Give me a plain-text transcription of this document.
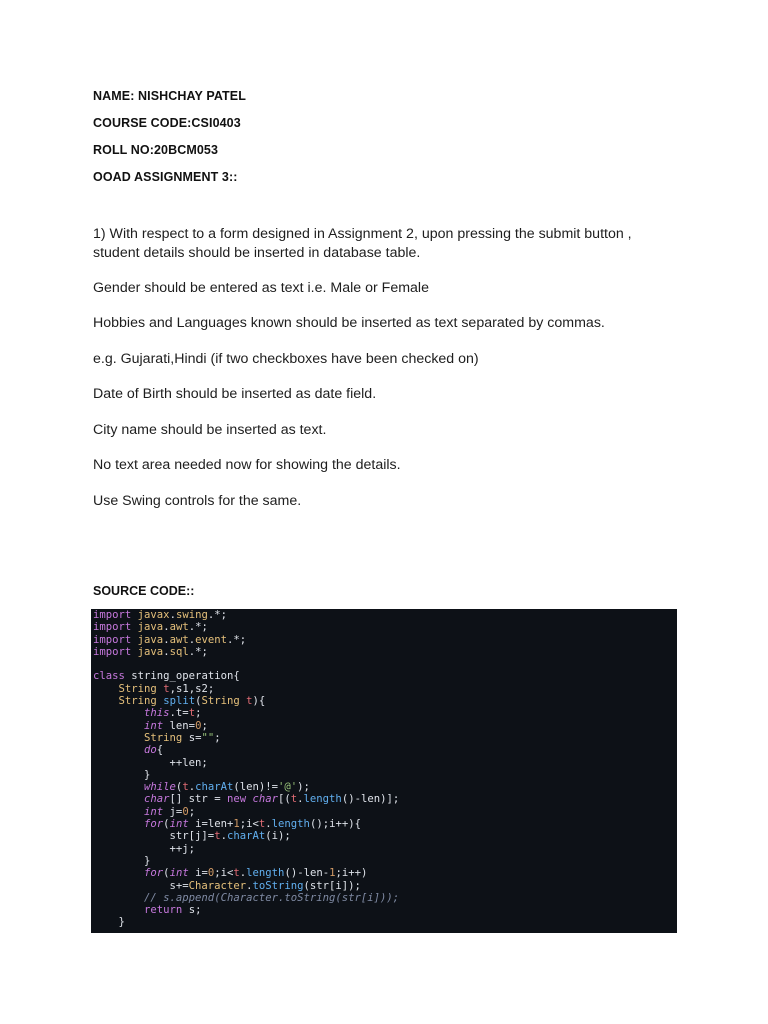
NAME: NISHCHAY PATEL
COURSE CODE:CSI0403
ROLL NO:20BCM053
OOAD ASSIGNMENT 3::
1) With respect to a form designed in Assignment 2, upon pressing the submit button , student details should be inserted in database table.
Gender should be entered as text i.e. Male or Female
Hobbies and Languages known should be inserted as text separated by commas.
e.g. Gujarati,Hindi (if two checkboxes have been checked on)
Date of Birth should be inserted as date field.
City name should be inserted as text.
No text area needed now for showing the details.
Use Swing controls for the same.
SOURCE CODE::
import javax.swing.*;
import java.awt.*;
import java.awt.event.*;
import java.sql.*;

class string_operation{
String t,s1,s2;
String split(String t){
this.t=t;
int len=0;
String s="";
do{
++len;
}
while(t.charAt(len)!='@');
char[] str = new char[(t.length()-len)];
int j=0;
for(int i=len+1;i<t.length();i++){
str[j]=t.charAt(i);
++j;
}
for(int i=0;i<t.length()-len-1;i++)
s+=Character.toString(str[i]);
// s.append(Character.toString(str[i]));
return s;
}
